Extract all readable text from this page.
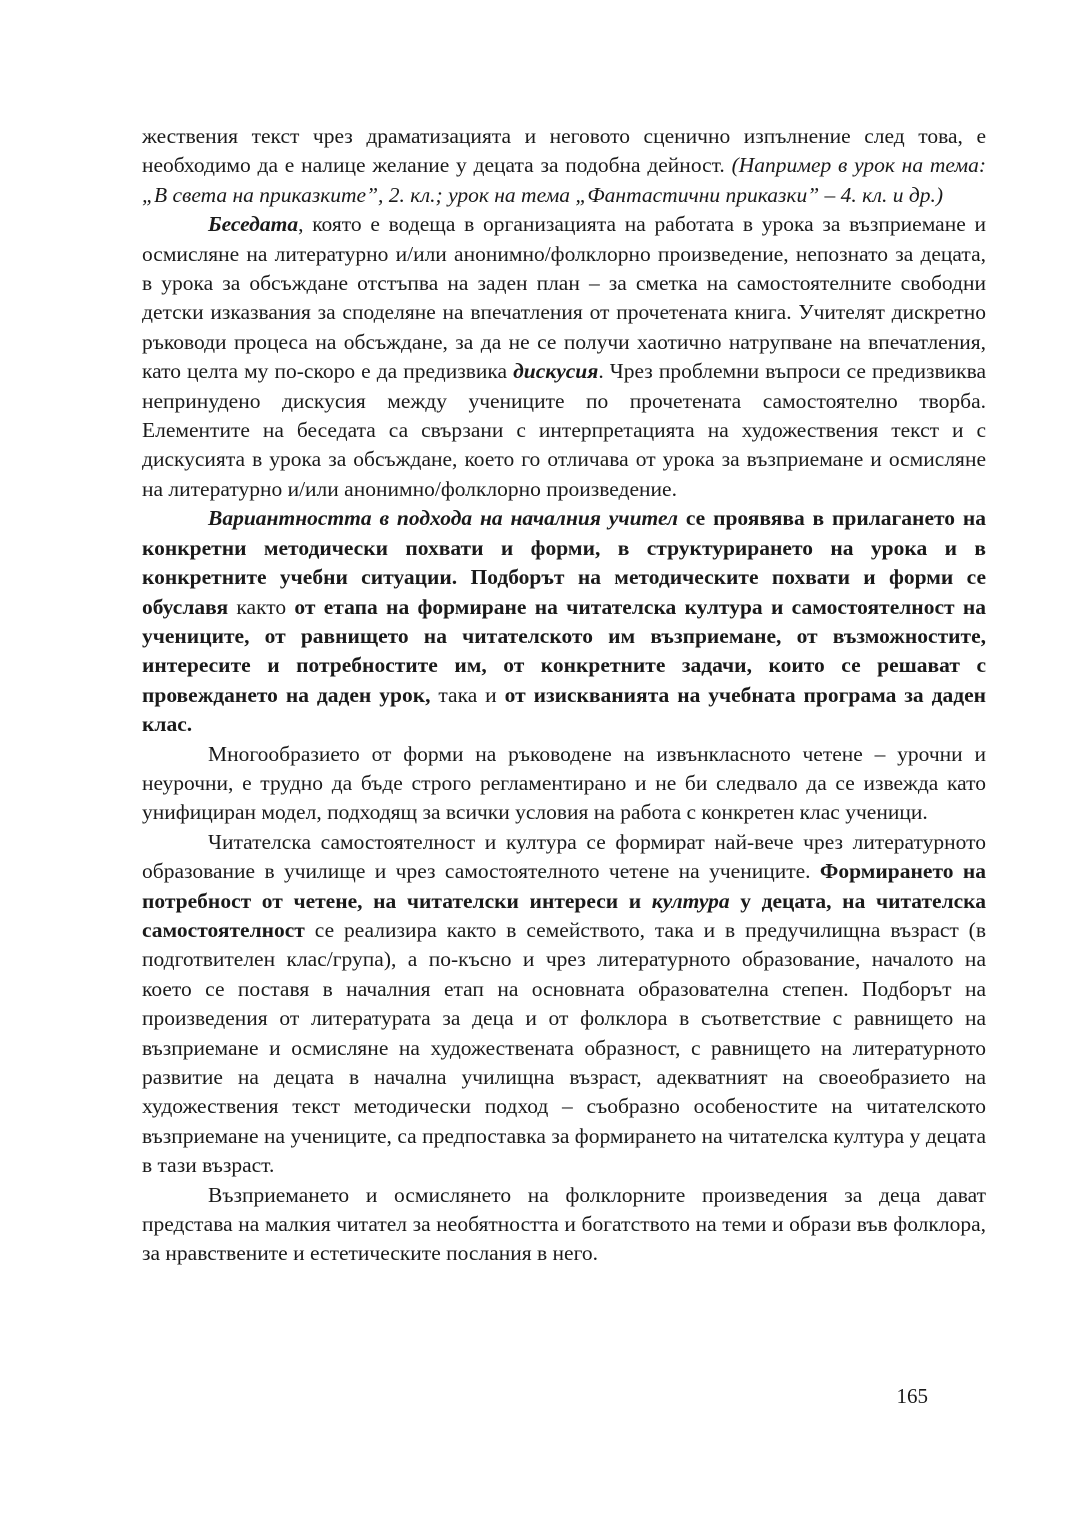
жествения текст чрез драматизацията и неговото сценично изпълнение след това, е необходимо да е налице желание у децата за подобна дейност. (Например в урок на тема: „В света на приказките”, 2. кл.; урок на тема „Фантастични приказки” – 4. кл. и др.)

Беседата, която е водеща в организацията на работата в урока за възприемане и осмисляне на литературно и/или анонимно/фолклорно произведение, непознато за децата, в урока за обсъждане отстъпва на заден план – за сметка на самостоятелните свободни детски изказвания за споделяне на впечатления от прочетената книга. Учителят дискретно ръководи процеса на обсъждане, за да не се получи хаотично натрупване на впечатления, като целта му по-скоро е да предизвика дискусия. Чрез проблемни въпроси се предизвиква непринудено дискусия между учениците по прочетената самостоятелно творба. Елементите на беседата са свързани с интерпретацията на художествения текст и с дискусията в урока за обсъждане, което го отличава от урока за възприемане и осмисляне на литературно и/или анонимно/фолклорно произведение.

Вариантността в подхода на началния учител се проявява в прилагането на конкретни методически похвати и форми, в структурирането на урока и в конкретните учебни ситуации. Подборът на методическите похвати и форми се обуславя както от етапа на формиране на читателска култура и самостоятелност на учениците, от равнището на читателското им възприемане, от възможностите, интересите и потребностите им, от конкретните задачи, които се решават с провеждането на даден урок, така и от изискванията на учебната програма за даден клас.

Многообразието от форми на ръководене на извънкласното четене – урочни и неурочни, е трудно да бъде строго регламентирано и не би следвало да се извежда като унифициран модел, подходящ за всички условия на работа с конкретен клас ученици.

Читателска самостоятелност и култура се формират най-вече чрез литературното образование в училище и чрез самостоятелното четене на учениците. Формирането на потребност от четене, на читателски интереси и култура у децата, на читателска самостоятелност се реализира както в семейството, така и в предучилищна възраст (в подготвителен клас/група), а по-късно и чрез литературното образование, началото на което се поставя в началния етап на основната образователна степен. Подборът на произведения от литературата за деца и от фолклора в съответствие с равнището на възприемане и осмисляне на художествената образност, с равнището на литературното развитие на децата в начална училищна възраст, адекватният на своеобразието на художествения текст методически подход – съобразно особеностите на читателското възприемане на учениците, са предпоставка за формирането на читателска култура у децата в тази възраст.

Възприемането и осмислянето на фолклорните произведения за деца дават представа на малкия читател за необятността и богатството на теми и образи във фолклора, за нравствените и естетическите послания в него.

165
